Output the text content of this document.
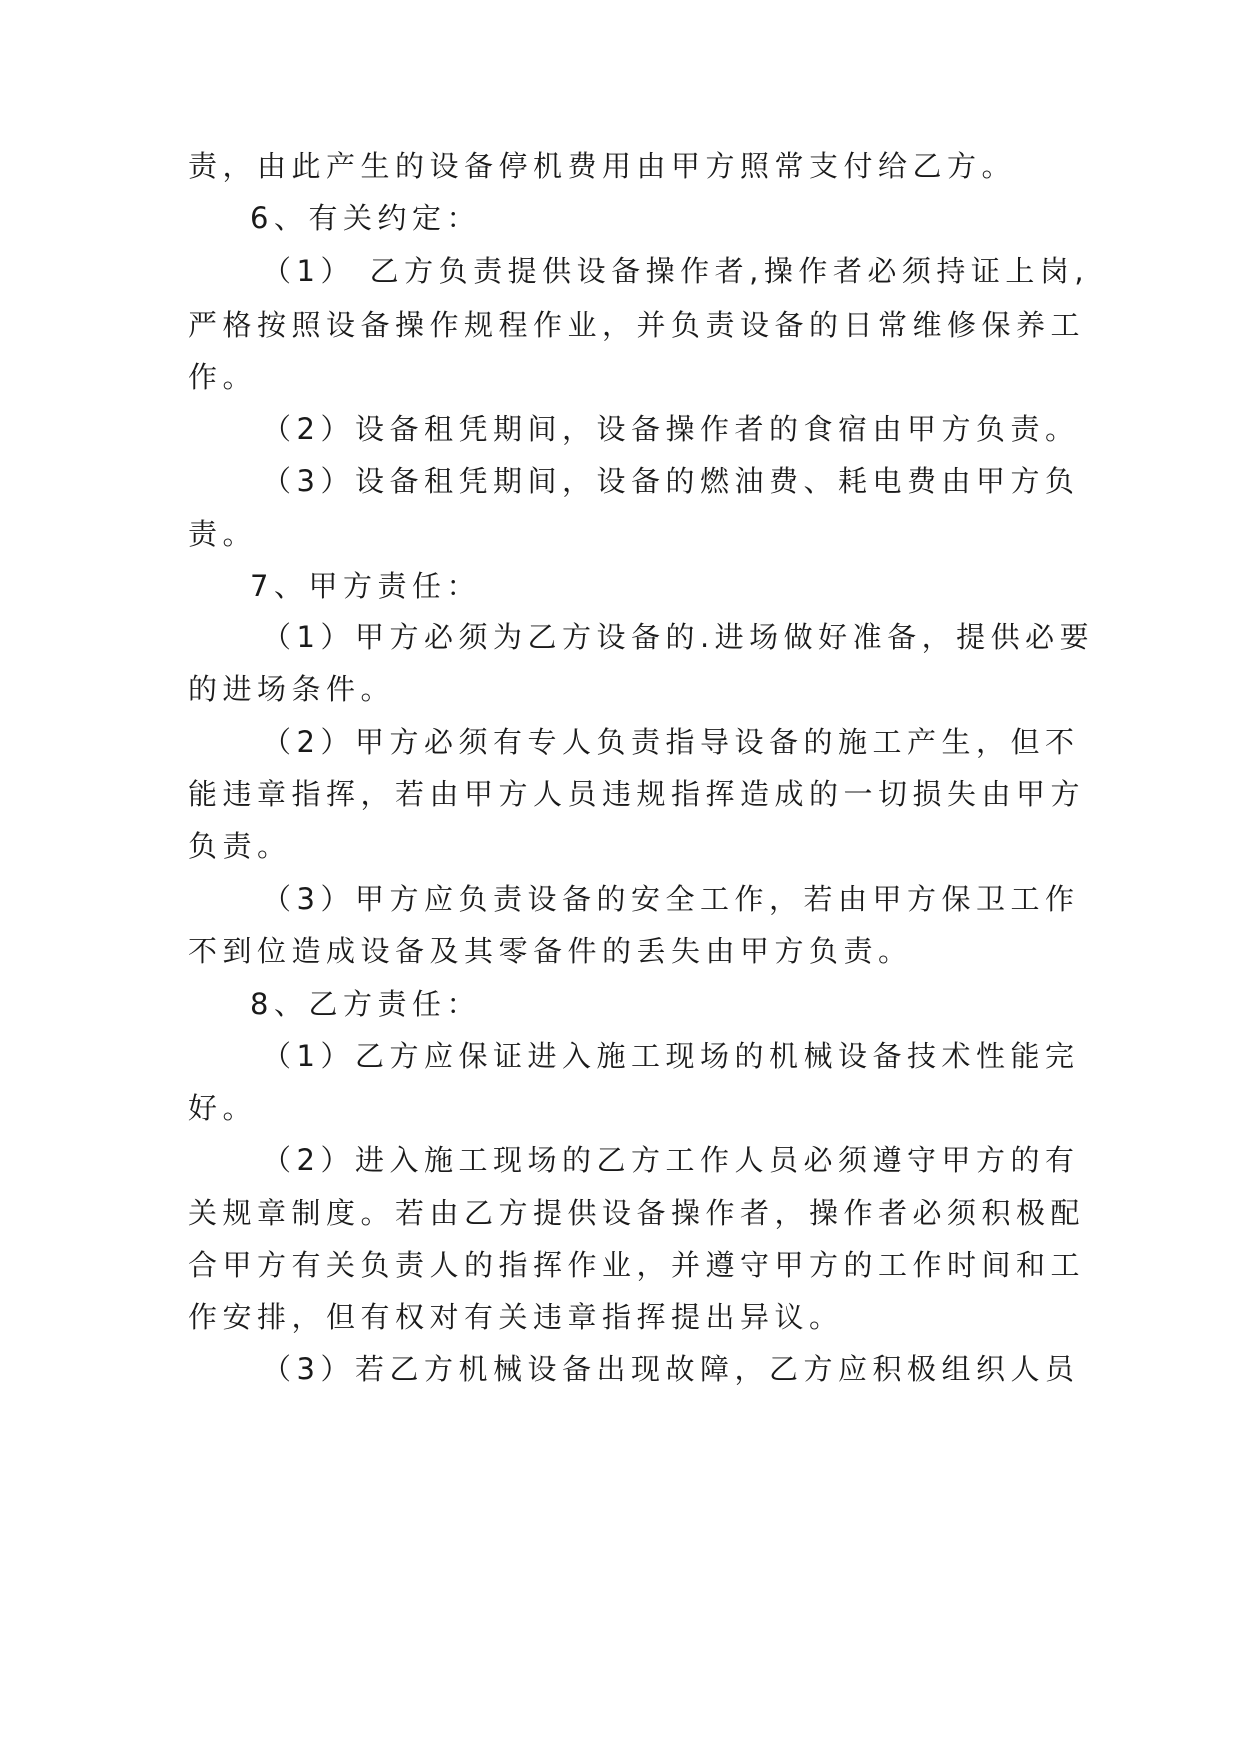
责，由此产生的设备停机费用由甲方照常支付给乙方。
6、有关约定：
（1） 乙方负责提供设备操作者,操作者必须持证上岗,
严格按照设备操作规程作业，并负责设备的日常维修保养工
作。
（2）设备租凭期间，设备操作者的食宿由甲方负责。
（3）设备租凭期间，设备的燃油费、耗电费由甲方负
责。
7、甲方责任：
（1）甲方必须为乙方设备的.进场做好准备，提供必要
的进场条件。
（2）甲方必须有专人负责指导设备的施工产生，但不
能违章指挥，若由甲方人员违规指挥造成的一切损失由甲方
负责。
（3）甲方应负责设备的安全工作，若由甲方保卫工作
不到位造成设备及其零备件的丢失由甲方负责。
8、乙方责任：
（1）乙方应保证进入施工现场的机械设备技术性能完
好。
（2）进入施工现场的乙方工作人员必须遵守甲方的有
关规章制度。若由乙方提供设备操作者，操作者必须积极配
合甲方有关负责人的指挥作业，并遵守甲方的工作时间和工
作安排，但有权对有关违章指挥提出异议。
（3）若乙方机械设备出现故障，乙方应积极组织人员
